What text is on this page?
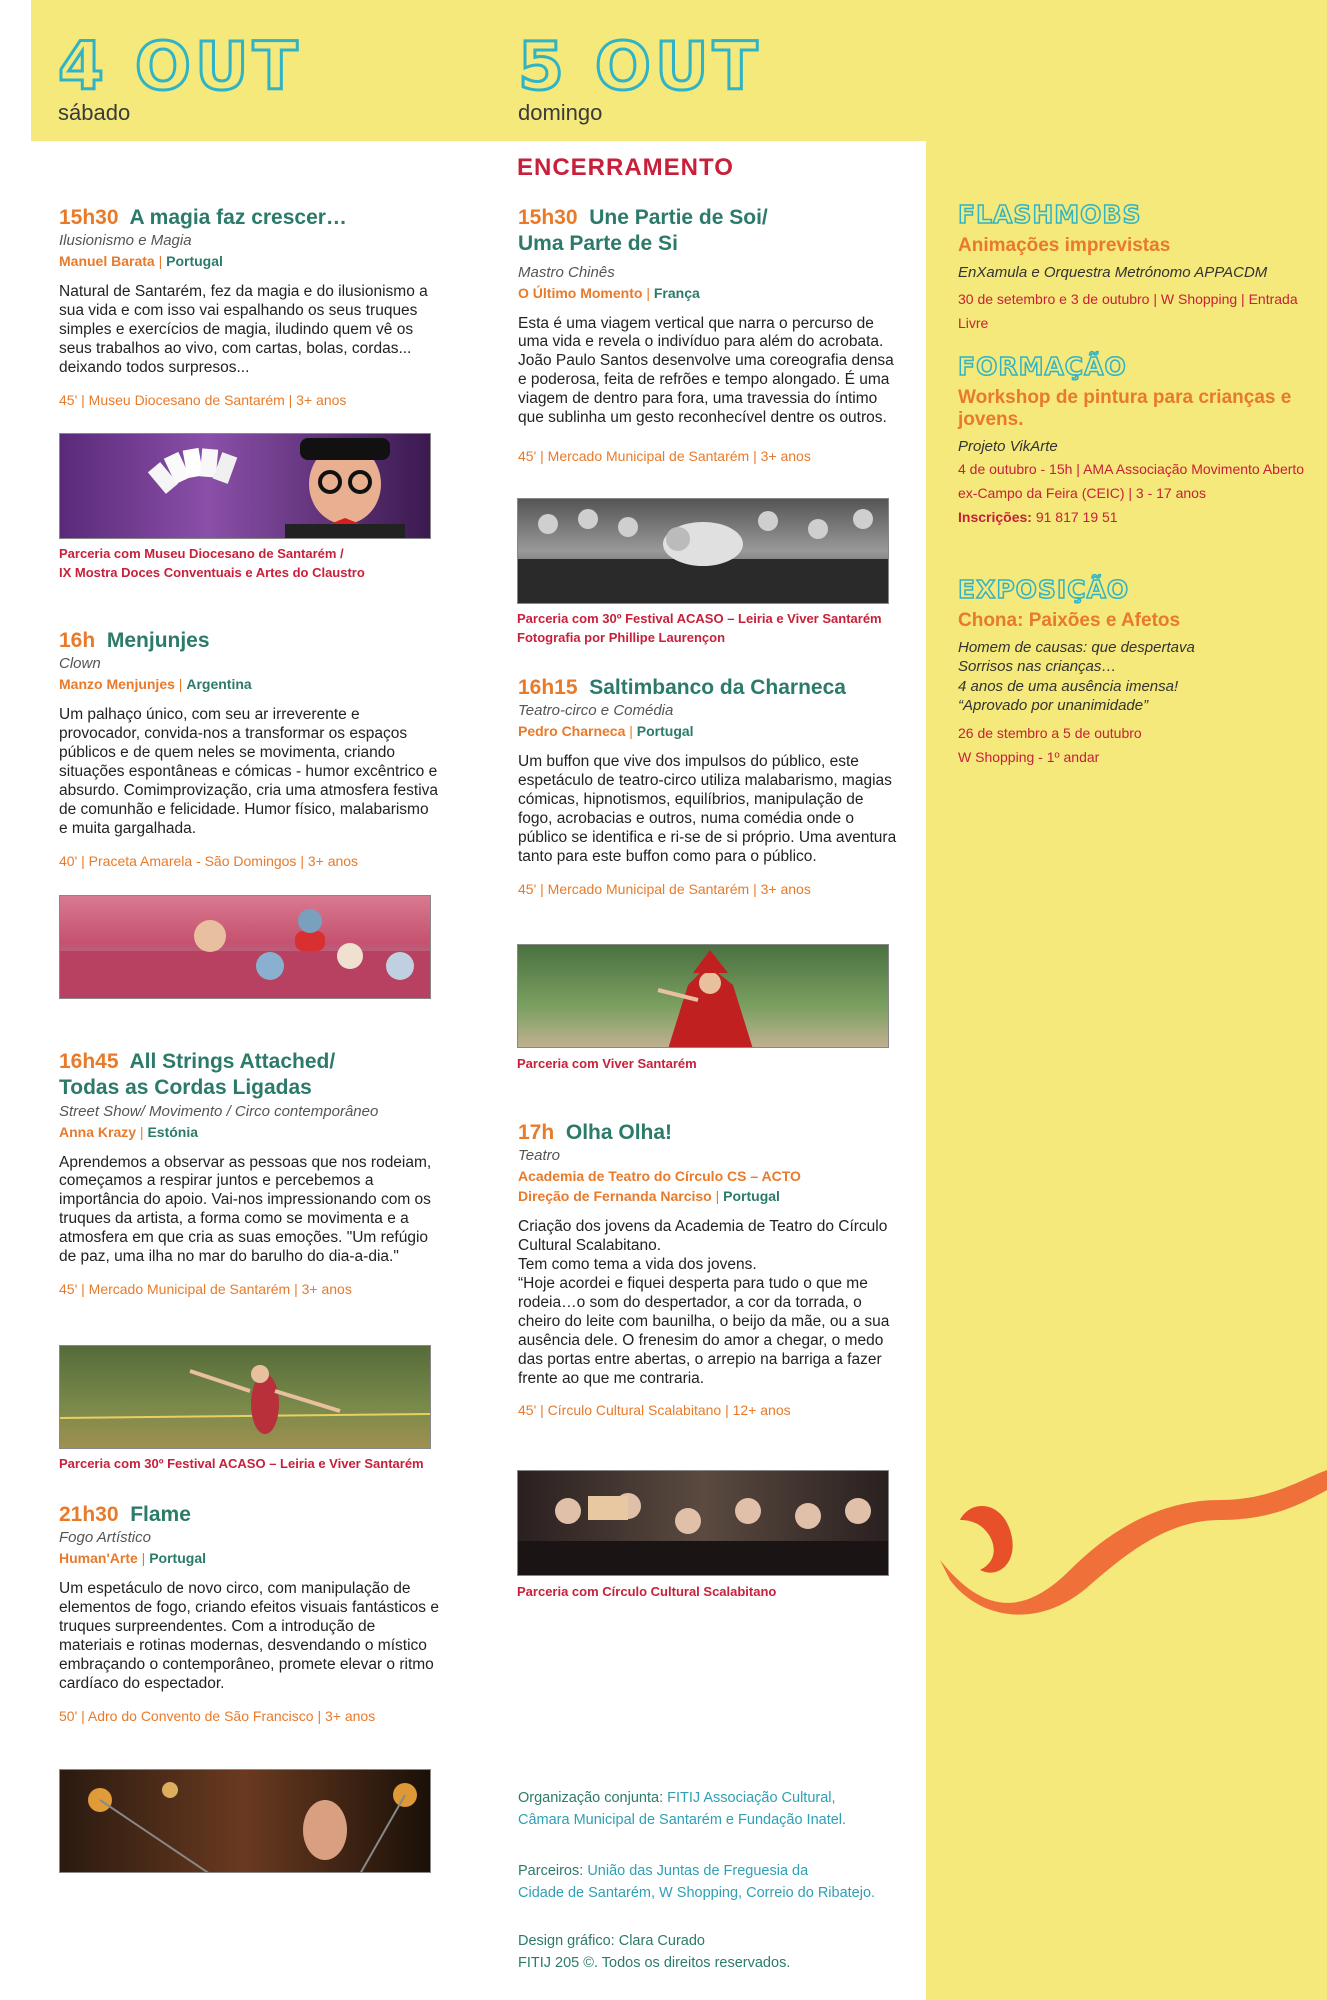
4 OUT
sábado
5 OUT
domingo
ENCERRAMENTO
15h30 A magia faz crescer…
Ilusionismo e Magia
Manuel Barata | Portugal
Natural de Santarém, fez da magia e do ilusionismo a sua vida e com isso vai espalhando os seus truques simples e exercícios de magia, iludindo quem vê os seus trabalhos ao vivo, com cartas, bolas, cordas... deixando todos surpresos...
45' | Museu Diocesano de Santarém | 3+ anos
Parceria com Museu Diocesano de Santarém /
IX Mostra Doces Conventuais e Artes do Claustro
16h Menjunjes
Clown
Manzo Menjunjes | Argentina
Um palhaço único, com seu ar irreverente e provocador, convida-nos a transformar os espaços públicos e de quem neles se movimenta, criando situações espontâneas e cómicas - humor excêntrico e absurdo. Comimprovização, cria uma atmosfera festiva de comunhão e felicidade. Humor físico, malabarismo e muita gargalhada.
40' | Praceta Amarela - São Domingos | 3+ anos
16h45 All Strings Attached/
Todas as Cordas Ligadas
Street Show/ Movimento / Circo contemporâneo
Anna Krazy | Estónia
Aprendemos a observar as pessoas que nos rodeiam, começamos a respirar juntos e percebemos a importância do apoio. Vai-nos impressionando com os truques da artista, a forma como se movimenta e a atmosfera em que cria as suas emoções. "Um refúgio de paz, uma ilha no mar do barulho do dia-a-dia."
45' | Mercado Municipal de Santarém | 3+ anos
Parceria com 30º Festival ACASO – Leiria e Viver Santarém
21h30 Flame
Fogo Artístico
Human'Arte | Portugal
Um espetáculo de novo circo, com manipulação de elementos de fogo, criando efeitos visuais fantásticos e truques surpreendentes. Com a introdução de materiais e rotinas modernas, desvendando o místico embraçando o contemporâneo, promete elevar o ritmo cardíaco do espectador.
50' | Adro do Convento de São Francisco | 3+ anos
15h30 Une Partie de Soi/
Uma Parte de Si
Mastro Chinês
O Último Momento | França
Esta é uma viagem vertical que narra o percurso de uma vida e revela o indivíduo para além do acrobata. João Paulo Santos desenvolve uma coreografia densa e poderosa, feita de refrões e tempo alongado. É uma viagem de dentro para fora, uma travessia do íntimo que sublinha um gesto reconhecível dentre os outros.
45' | Mercado Municipal de Santarém | 3+ anos
Parceria com 30º Festival ACASO – Leiria e Viver Santarém
Fotografia por Phillipe Laurençon
16h15 Saltimbanco da Charneca
Teatro-circo e Comédia
Pedro Charneca | Portugal
Um buffon que vive dos impulsos do público, este espetáculo de teatro-circo utiliza malabarismo, magias cómicas, hipnotismos, equilíbrios, manipulação de fogo, acrobacias e outros, numa comédia onde o público se identifica e ri-se de si próprio. Uma aventura tanto para este buffon como para o público.
45' | Mercado Municipal de Santarém | 3+ anos
Parceria com Viver Santarém
17h Olha Olha!
Teatro
Academia de Teatro do Círculo CS – ACTO
Direção de Fernanda Narciso | Portugal
Criação dos jovens da Academia de Teatro do Círculo Cultural Scalabitano.
Tem como tema a vida dos jovens.
“Hoje acordei e fiquei desperta para tudo o que me rodeia…o som do despertador, a cor da torrada, o cheiro do leite com baunilha, o beijo da mãe, ou a sua ausência dele. O frenesim do amor a chegar, o medo das portas entre abertas, o arrepio na barriga a fazer frente ao que me contraria.
45' | Círculo Cultural Scalabitano | 12+ anos
Parceria com Círculo Cultural Scalabitano
Organização conjunta: FITIJ Associação Cultural,
Câmara Municipal de Santarém e Fundação Inatel.
Parceiros: União das Juntas de Freguesia da
Cidade de Santarém, W Shopping, Correio do Ribatejo.
Design gráfico: Clara Curado
FITIJ 205 ©. Todos os direitos reservados.
FLASHMOBS
Animações imprevistas
EnXamula e Orquestra Metrónomo APPACDM
30 de setembro e 3 de outubro | W Shopping | Entrada Livre
FORMAÇÃO
Workshop de pintura para crianças e jovens.
Projeto VikArte
4 de outubro - 15h | AMA Associação Movimento Aberto
ex-Campo da Feira (CEIC) | 3 - 17 anos
Inscrições: 91 817 19 51
EXPOSIÇÃO
Chona: Paixões e Afetos
Homem de causas: que despertava
Sorrisos nas crianças…
4 anos de uma ausência imensa!
“Aprovado por unanimidade”
26 de stembro a 5 de outubro
W Shopping - 1º andar
